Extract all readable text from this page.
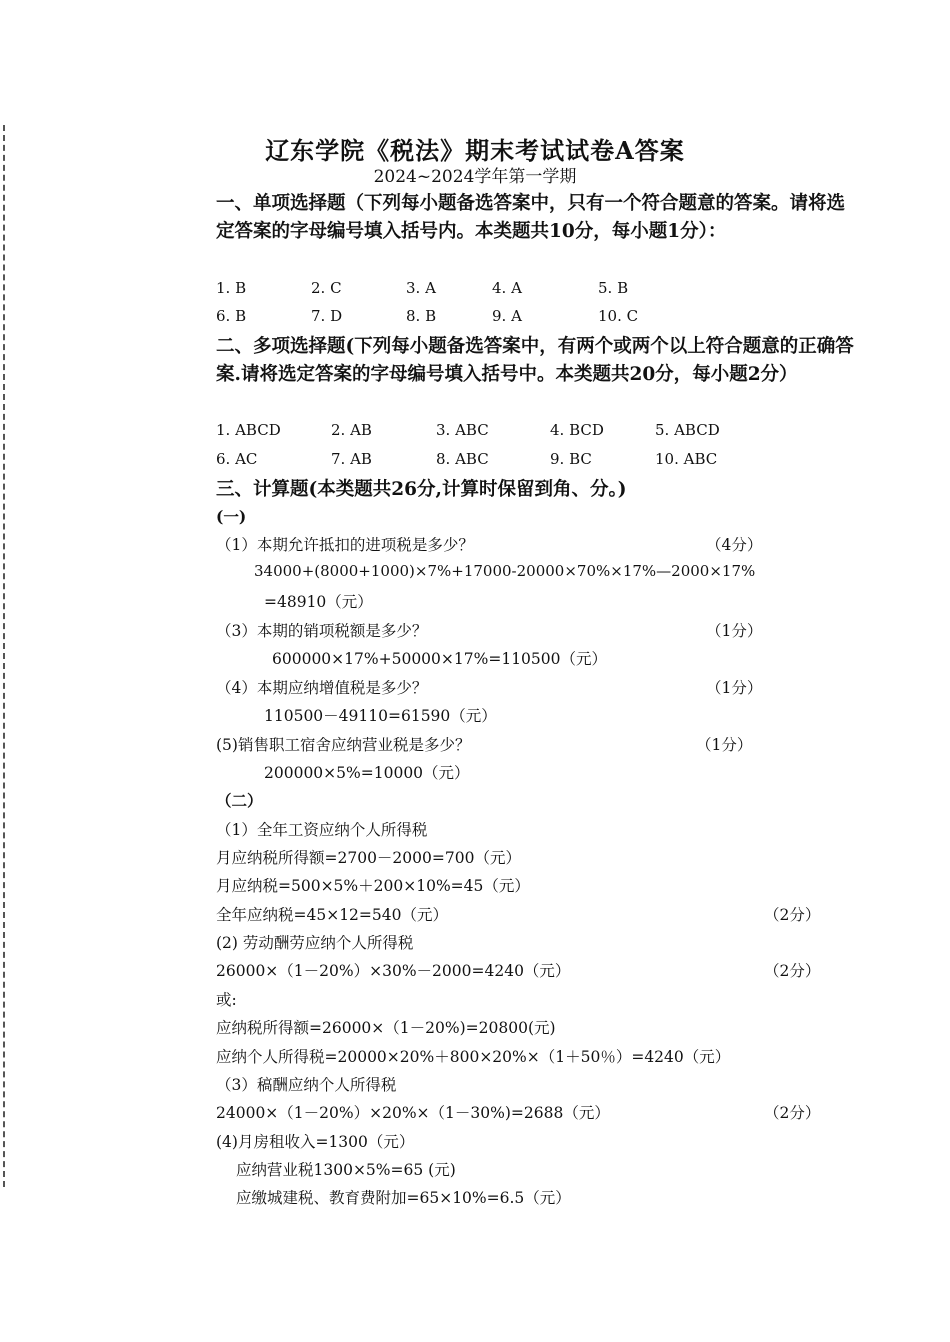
辽东学院《税法》期末考试试卷A答案
2024~2024学年第一学期
一、单项选择题（下列每小题备选答案中，只有一个符合题意的答案。请将选定答案的字母编号填入括号内。本类题共10分，每小题1分）：
1. B	2. C	3. A	4. A	5. B
6. B	7. D	8. B	9. A	10. C
二、多项选择题(下列每小题备选答案中，有两个或两个以上符合题意的正确答案.请将选定答案的字母编号填入括号中。本类题共20分，每小题2分）
1. ABCD	2. AB	3. ABC	4. BCD	5. ABCD
6. AC	7. AB	8. ABC	9. BC	10. ABC
三、计算题(本类题共26分,计算时保留到角、分。)
(一)
（1）本期允许抵扣的进项税是多少？	（4分）
34000+(8000+1000)×7%+17000-20000×70%×17%—2000×17%
=48910（元）
（3）本期的销项税额是多少？	（1分）
600000×17%+50000×17%=110500（元）
（4）本期应纳增值税是多少？	（1分）
110500－49110=61590（元）
(5)销售职工宿舍应纳营业税是多少？	（1分）
200000×5%=10000（元）
（二）
（1）全年工资应纳个人所得税
月应纳税所得额=2700－2000=700（元）
月应纳税=500×5%＋200×10%=45（元）
全年应纳税=45×12=540（元）	（2分）
(2) 劳动酬劳应纳个人所得税
26000×（1－20%）×30%－2000=4240（元）	（2分）
或:
应纳税所得额=26000×（1－20%)=20800(元)
应纳个人所得税=20000×20%＋800×20%×（1＋50％）=4240（元）
（3）稿酬应纳个人所得税
24000×（1－20%）×20%×（1－30%)=2688（元）	（2分）
(4)月房租收入=1300（元）
应纳营业税1300×5%=65 (元)
应缴城建税、教育费附加=65×10%=6.5（元）
